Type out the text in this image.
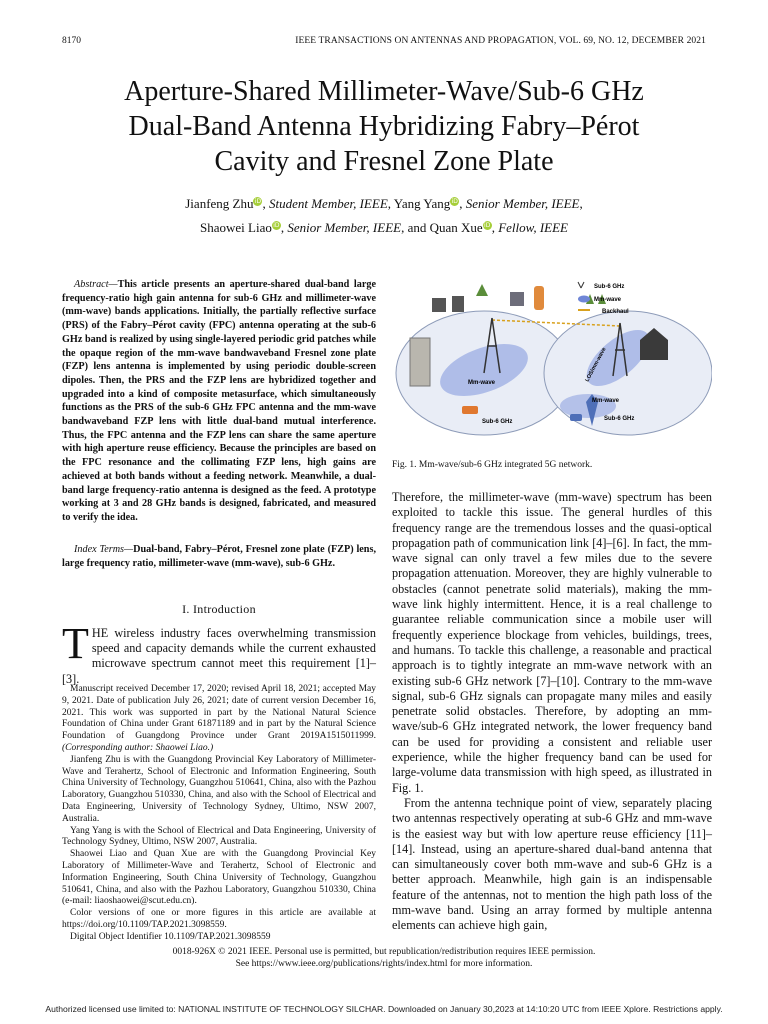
8170	IEEE TRANSACTIONS ON ANTENNAS AND PROPAGATION, VOL. 69, NO. 12, DECEMBER 2021
Aperture-Shared Millimeter-Wave/Sub-6 GHz
Dual-Band Antenna Hybridizing Fabry–Pérot
Cavity and Fresnel Zone Plate
Jianfeng ZhuiD, Student Member, IEEE, Yang YangiD, Senior Member, IEEE,
Shaowei LiaoiD, Senior Member, IEEE, and Quan XueiD, Fellow, IEEE
Abstract—This article presents an aperture-shared dual-band large frequency-ratio high gain antenna for sub-6 GHz and millimeter-wave (mm-wave) bands applications. Initially, the partially reflective surface (PRS) of the Fabry–Pérot cavity (FPC) antenna operating at the sub-6 GHz band is realized by using single-layered periodic grid patches while the opaque region of the mm-wave bandwaveband Fresnel zone plate (FZP) lens antenna is implemented by using periodic double-screen dipoles. Then, the PRS and the FZP lens are hybridized together and upgraded into a kind of composite metasurface, which simultaneously functions as the PRS of the sub-6 GHz FPC antenna and the mm-wave bandwaveband FZP lens with little dual-band mutual interference. Thus, the FPC antenna and the FZP lens can share the same aperture with high aperture reuse efficiency. Because the principles are based on the FPC resonance and the collimating FZP lens, high gains are achieved at both bands without a feeding network. Meanwhile, a dual-band large frequency-ratio antenna is designed as the feed. A prototype working at 3 and 28 GHz bands is designed, fabricated, and measured to verify the idea.
Index Terms—Dual-band, Fabry–Pérot, Fresnel zone plate (FZP) lens, large frequency ratio, millimeter-wave (mm-wave), sub-6 GHz.
I. Introduction
THE wireless industry faces overwhelming transmission speed and capacity demands while the current exhausted microwave spectrum cannot meet this requirement [1]–[3].

Manuscript received December 17, 2020; revised April 18, 2021; accepted May 9, 2021. Date of publication July 26, 2021; date of current version December 16, 2021. This work was supported in part by the National Natural Science Foundation of China under Grant 61871189 and in part by the Natural Science Foundation of Guangdong Province under Grant 2019A1515011999. (Corresponding author: Shaowei Liao.)

Jianfeng Zhu is with the Guangdong Provincial Key Laboratory of Millimeter-Wave and Terahertz, School of Electronic and Information Engineering, South China University of Technology, Guangzhou 510641, China, also with the Pazhou Laboratory, Guangzhou 510330, China, and also with the School of Electrical and Data Engineering, University of Technology Sydney, Ultimo, NSW 2007, Australia.

Yang Yang is with the School of Electrical and Data Engineering, University of Technology Sydney, Ultimo, NSW 2007, Australia.

Shaowei Liao and Quan Xue are with the Guangdong Provincial Key Laboratory of Millimeter-Wave and Terahertz, School of Electronic and Information Engineering, South China University of Technology, Guangzhou 510641, China, and also with the Pazhou Laboratory, Guangzhou 510330, China (e-mail: liaoshaowei@scut.edu.cn).

Color versions of one or more figures in this article are available at https://doi.org/10.1109/TAP.2021.3098559.

Digital Object Identifier 10.1109/TAP.2021.3098559

Sub-6 GHz
Mm-wave
Backhaul
Mm-wave
Sub-6 GHz
LOS/mm-wave
Mm-wave
Sub-6 GHz
Fig. 1. Mm-wave/sub-6 GHz integrated 5G network.

Therefore, the millimeter-wave (mm-wave) spectrum has been exploited to tackle this issue. The general hurdles of this frequency range are the tremendous losses and the quasi-optical propagation path of communication link [4]–[6]. In fact, the mm-wave signal can only travel a few miles due to the severe propagation attenuation. Moreover, they are highly vulnerable to obstacles (cannot penetrate solid materials), making the mm-wave link highly intermittent. Hence, it is a real challenge to guarantee reliable communication since a mobile user will frequently experience blockage from vehicles, buildings, trees, and humans. To tackle this challenge, a reasonable and practical approach is to tightly integrate an mm-wave network with an existing sub-6 GHz network [7]–[10]. Contrary to the mm-wave signal, sub-6 GHz signals can propagate many miles and easily penetrate solid obstacles. Therefore, by adopting an mm-wave/sub-6 GHz integrated network, the lower frequency band can be used for providing a consistent and reliable user experience, while the higher frequency band can be used for large-volume data transmission with high speed, as illustrated in Fig. 1.

From the antenna technique point of view, separately placing two antennas respectively operating at sub-6 GHz and mm-wave is the easiest way but with low aperture reuse efficiency [11]–[14]. Instead, using an aperture-shared dual-band antenna that can simultaneously cover both mm-wave and sub-6 GHz is a better approach. Meanwhile, high gain is an indispensable feature of the antennas, not to mention the high path loss of the mm-wave band. Using an array formed by multiple antenna elements can achieve high gain,

0018-926X © 2021 IEEE. Personal use is permitted, but republication/redistribution requires IEEE permission.
See https://www.ieee.org/publications/rights/index.html for more information.
Authorized licensed use limited to: NATIONAL INSTITUTE OF TECHNOLOGY SILCHAR. Downloaded on January 30,2023 at 14:10:20 UTC from IEEE Xplore. Restrictions apply.
